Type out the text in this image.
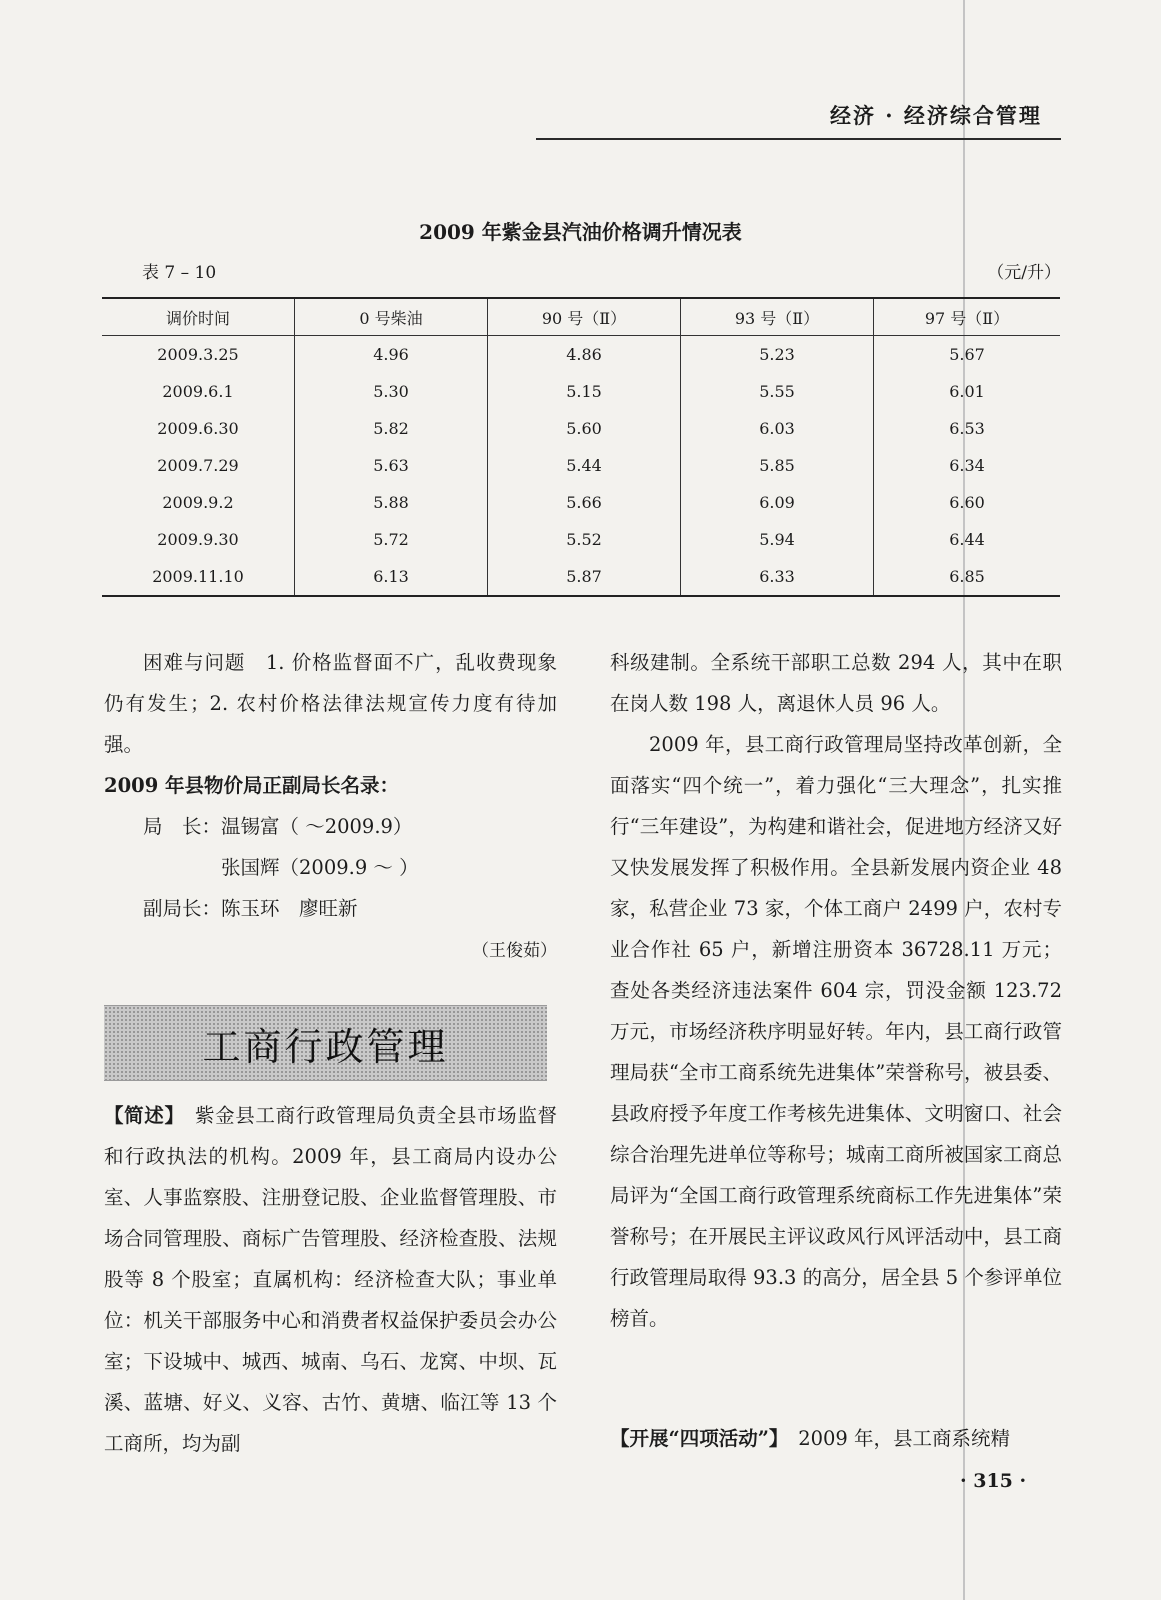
经济 · 经济综合管理
2009 年紫金县汽油价格调升情况表
表 7 – 10	（元/升）
调价时间	0 号柴油	90 号（Ⅱ）	93 号（Ⅱ）	97 号（Ⅱ）
2009.3.25	4.96	4.86	5.23	5.67
2009.6.1	5.30	5.15	5.55	6.01
2009.6.30	5.82	5.60	6.03	6.53
2009.7.29	5.63	5.44	5.85	6.34
2009.9.2	5.88	5.66	6.09	6.60
2009.9.30	5.72	5.52	5.94	6.44
2009.11.10	6.13	5.87	6.33	6.85

困难与问题　1. 价格监督面不广，乱收费现象仍有发生；2. 农村价格法律法规宣传力度有待加强。

2009 年县物价局正副局长名录：

局　长：温锡富（ ～2009.9）

　　　　张国辉（2009.9 ～ ）

副局长：陈玉环　廖旺新

（王俊茹）

工商行政管理

【简述】　紫金县工商行政管理局负责全县市场监督和行政执法的机构。2009 年，县工商局内设办公室、人事监察股、注册登记股、企业监督管理股、市场合同管理股、商标广告管理股、经济检查股、法规股等 8 个股室；直属机构：经济检查大队；事业单位：机关干部服务中心和消费者权益保护委员会办公室；下设城中、城西、城南、乌石、龙窝、中坝、瓦溪、蓝塘、好义、义容、古竹、黄塘、临江等 13 个工商所，均为副

科级建制。全系统干部职工总数 294 人，其中在职在岗人数 198 人，离退休人员 96 人。

2009 年，县工商行政管理局坚持改革创新，全面落实“四个统一”，着力强化“三大理念”，扎实推行“三年建设”，为构建和谐社会，促进地方经济又好又快发展发挥了积极作用。全县新发展内资企业 48 家，私营企业 73 家，个体工商户 2499 户，农村专业合作社 65 户，新增注册资本 36728.11 万元；查处各类经济违法案件 604 宗，罚没金额 123.72 万元，市场经济秩序明显好转。年内，县工商行政管理局获“全市工商系统先进集体”荣誉称号，被县委、县政府授予年度工作考核先进集体、文明窗口、社会综合治理先进单位等称号；城南工商所被国家工商总局评为“全国工商行政管理系统商标工作先进集体”荣誉称号；在开展民主评议政风行风评活动中，县工商行政管理局取得 93.3 的高分，居全县 5 个参评单位榜首。

【开展“四项活动”】　2009 年，县工商系统精

· 315 ·
